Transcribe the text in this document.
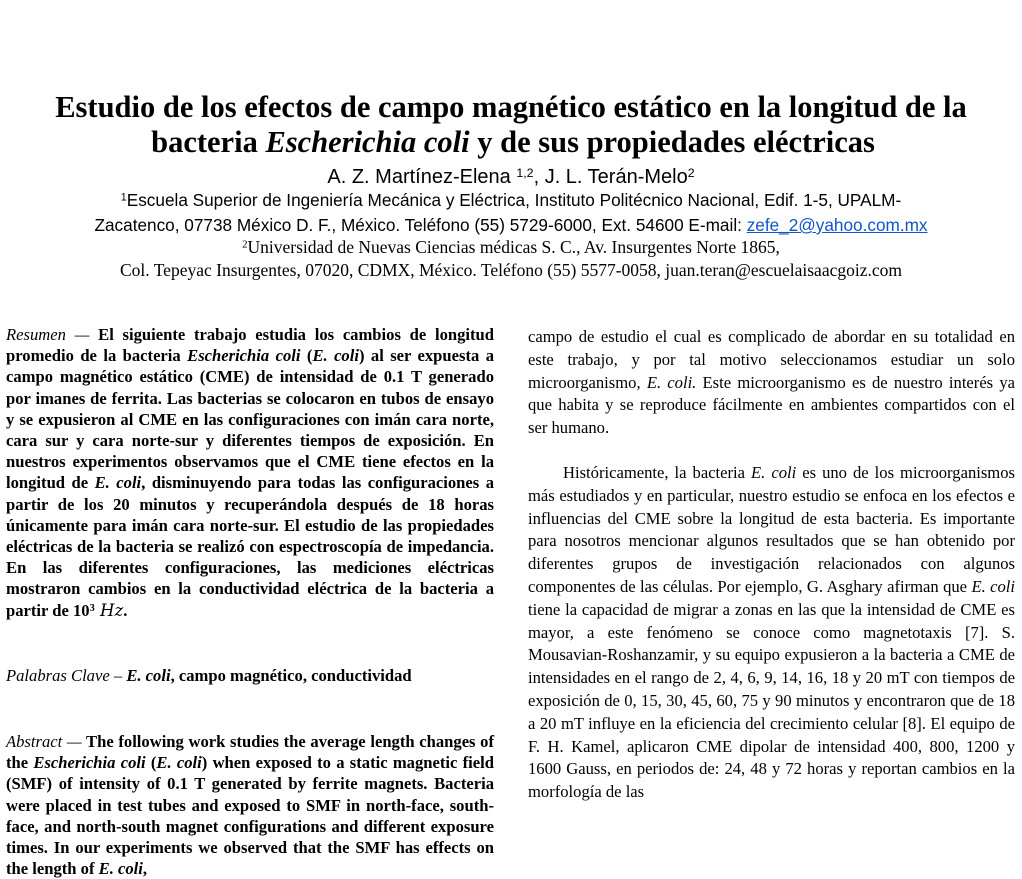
Estudio de los efectos de campo magnético estático en la longitud de la
bacteria Escherichia coli y de sus propiedades eléctricas
A. Z. Martínez-Elena $^{1,2}$, J. L. Terán-Melo$^2$
$^1$Escuela Superior de Ingeniería Mecánica y Eléctrica, Instituto Politécnico Nacional, Edif. 1-5, UPALM-
Zacatenco, 07738 México D. F., México. Teléfono (55) 5729-6000, Ext. 54600 E-mail: zefe_2@yahoo.com.mx
$^2$Universidad de Nuevas Ciencias médicas S. C., Av. Insurgentes Norte 1865,
Col. Tepeyac Insurgentes, 07020, CDMX, México. Teléfono (55) 5577-0058, juan.teran@escuelaisaacgoiz.com

Resumen — El siguiente trabajo estudia los cambios de longitud promedio de la bacteria Escherichia coli (E. coli) al ser expuesta a campo magnético estático (CME) de intensidad de 0.1 T generado por imanes de ferrita. Las bacterias se colocaron en tubos de ensayo y se expusieron al CME en las configuraciones con imán cara norte, cara sur y cara norte-sur y diferentes tiempos de exposición. En nuestros experimentos observamos que el CME tiene efectos en la longitud de E. coli, disminuyendo para todas las configuraciones a partir de los 20 minutos y recuperándola después de 18 horas únicamente para imán cara norte-sur. El estudio de las propiedades eléctricas de la bacteria se realizó con espectroscopía de impedancia. En las diferentes configuraciones, las mediciones eléctricas mostraron cambios en la conductividad eléctrica de la bacteria a partir de $10^3$ Hz.

Palabras Clave – E. coli, campo magnético, conductividad

Abstract — The following work studies the average length changes of the Escherichia coli (E. coli) when exposed to a static magnetic field (SMF) of intensity of 0.1 T generated by ferrite magnets. Bacteria were placed in test tubes and exposed to SMF in north-face, south-face, and north-south magnet configurations and different exposure times. In our experiments we observed that the SMF has effects on the length of E. coli,

campo de estudio el cual es complicado de abordar en su totalidad en este trabajo, y por tal motivo seleccionamos estudiar un solo microorganismo, E. coli. Este microorganismo es de nuestro interés ya que habita y se reproduce fácilmente en ambientes compartidos con el ser humano.

Históricamente, la bacteria E. coli es uno de los microorganismos más estudiados y en particular, nuestro estudio se enfoca en los efectos e influencias del CME sobre la longitud de esta bacteria. Es importante para nosotros mencionar algunos resultados que se han obtenido por diferentes grupos de investigación relacionados con algunos componentes de las células. Por ejemplo, G. Asghary afirman que E. coli tiene la capacidad de migrar a zonas en las que la intensidad de CME es mayor, a este fenómeno se conoce como magnetotaxis [7]. S. Mousavian-Roshanzamir, y su equipo expusieron a la bacteria a CME de intensidades en el rango de 2, 4, 6, 9, 14, 16, 18 y 20 mT con tiempos de exposición de 0, 15, 30, 45, 60, 75 y 90 minutos y encontraron que de 18 a 20 mT influye en la eficiencia del crecimiento celular [8]. El equipo de F. H. Kamel, aplicaron CME dipolar de intensidad 400, 800, 1200 y 1600 Gauss, en periodos de: 24, 48 y 72 horas y reportan cambios en la morfología de las
